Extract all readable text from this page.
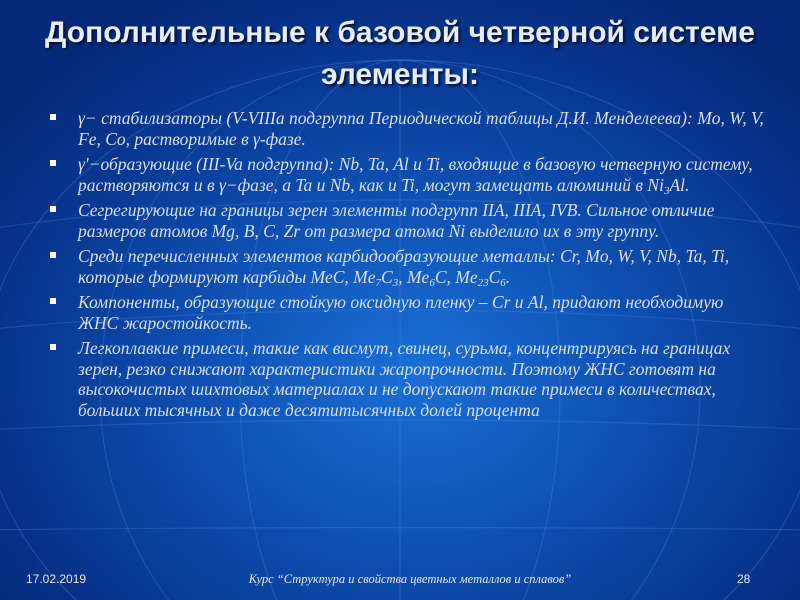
Дополнительные к базовой четверной системе элементы:
γ− стабилизаторы (V-VIIIa подгруппа Периодической таблицы Д.И. Менделеева): Mo, W, V, Fe, Co, растворимые в γ-фазе.
γ'−образующие (III-Va подгруппа): Nb, Ta, Al и Ti, входящие в базовую четверную систему, растворяются и в γ−фазе, а Ta и Nb, как и Ti, могут замещать алюминий в $Ni_3Al$.
Сегрегирующие на границы зерен элементы подгрупп IIA, IIIA, IVB. Сильное отличие размеров атомов Mg, B, C, Zr от размера атома Ni выделило их в эту группу.
Среди перечисленных элементов карбидообразующие металлы: Cr, Mo, W, V, Nb, Ta, Ti, которые формируют карбиды МеС, $Me_7C_3$, $Me_6C$, $Me_{23}C_6$.
Компоненты, образующие стойкую оксидную пленку – Cr и Al, придают необходимую ЖНС жаростойкость.
Легкоплавкие примеси, такие как висмут, свинец, сурьма, концентрируясь на границах зерен, резко снижают характеристики жаропрочности. Поэтому ЖНС готовят на высокочистых шихтовых материалах и не допускают такие примеси в количествах, больших тысячных и даже десятитысячных долей процента
17.02.2019	Курс “Структура и свойства цветных металлов и сплавов”	28
